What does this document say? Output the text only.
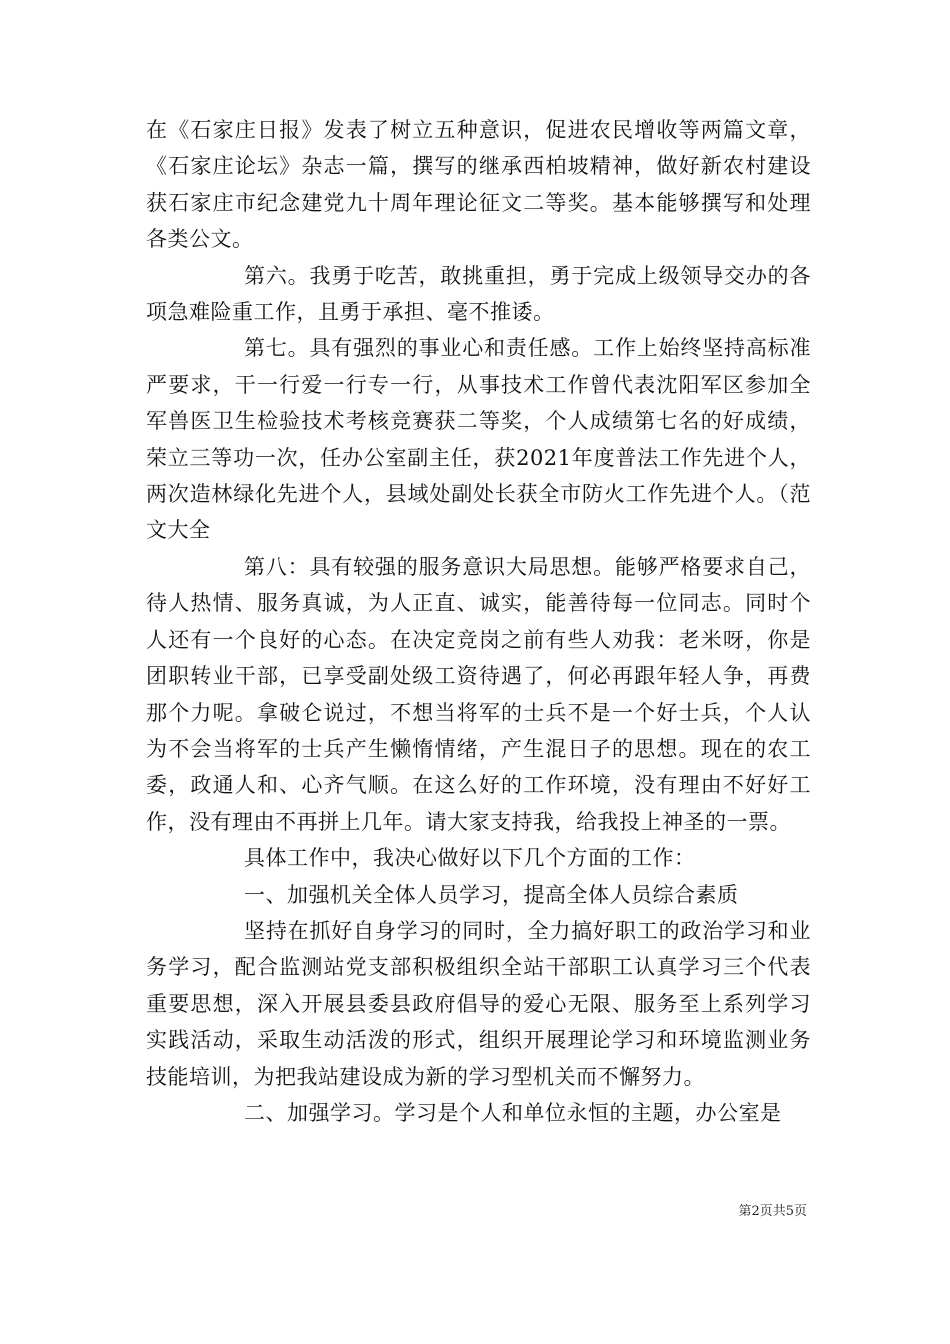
在《石家庄日报》发表了树立五种意识，促进农民增收等两篇文章，《石家庄论坛》杂志一篇，撰写的继承西柏坡精神，做好新农村建设获石家庄市纪念建党九十周年理论征文二等奖。基本能够撰写和处理各类公文。

第六。我勇于吃苦，敢挑重担，勇于完成上级领导交办的各项急难险重工作，且勇于承担、毫不推诿。

第七。具有强烈的事业心和责任感。工作上始终坚持高标准严要求，干一行爱一行专一行，从事技术工作曾代表沈阳军区参加全军兽医卫生检验技术考核竞赛获二等奖，个人成绩第七名的好成绩，荣立三等功一次，任办公室副主任，获2021年度普法工作先进个人，两次造林绿化先进个人，县域处副处长获全市防火工作先进个人。（范文大全

第八：具有较强的服务意识大局思想。能够严格要求自己，待人热情、服务真诚，为人正直、诚实，能善待每一位同志。同时个人还有一个良好的心态。在决定竞岗之前有些人劝我：老米呀，你是团职转业干部，已享受副处级工资待遇了，何必再跟年轻人争，再费那个力呢。拿破仑说过，不想当将军的士兵不是一个好士兵，个人认为不会当将军的士兵产生懒惰情绪，产生混日子的思想。现在的农工委，政通人和、心齐气顺。在这么好的工作环境，没有理由不好好工作，没有理由不再拼上几年。请大家支持我，给我投上神圣的一票。

具体工作中，我决心做好以下几个方面的工作：

一、加强机关全体人员学习，提高全体人员综合素质

坚持在抓好自身学习的同时，全力搞好职工的政治学习和业务学习，配合监测站党支部积极组织全站干部职工认真学习三个代表重要思想，深入开展县委县政府倡导的爱心无限、服务至上系列学习实践活动，采取生动活泼的形式，组织开展理论学习和环境监测业务技能培训，为把我站建设成为新的学习型机关而不懈努力。

二、加强学习。学习是个人和单位永恒的主题，办公室是

第2页共5页
